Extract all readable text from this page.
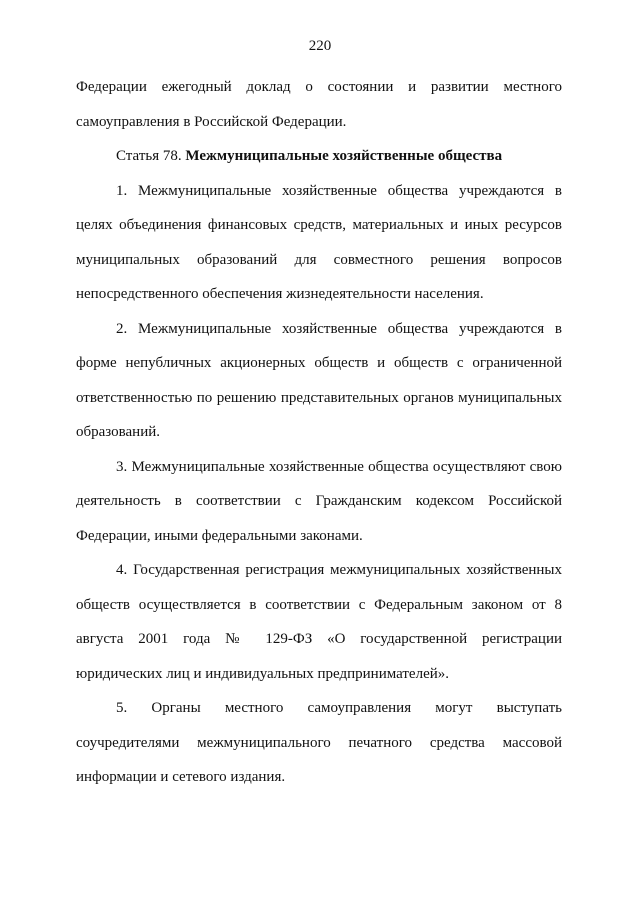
220

Федерации ежегодный доклад о состоянии и развитии местного самоуправления в Российской Федерации.

Статья 78. Межмуниципальные хозяйственные общества

1. Межмуниципальные хозяйственные общества учреждаются в целях объединения финансовых средств, материальных и иных ресурсов муниципальных образований для совместного решения вопросов непосредственного обеспечения жизнедеятельности населения.

2. Межмуниципальные хозяйственные общества учреждаются в форме непубличных акционерных обществ и обществ с ограниченной ответственностью по решению представительных органов муниципальных образований.

3. Межмуниципальные хозяйственные общества осуществляют свою деятельность в соответствии с Гражданским кодексом Российской Федерации, иными федеральными законами.

4. Государственная регистрация межмуниципальных хозяйственных обществ осуществляется в соответствии с Федеральным законом от 8 августа 2001 года № 129-ФЗ «О государственной регистрации юридических лиц и индивидуальных предпринимателей».

5. Органы местного самоуправления могут выступать соучредителями межмуниципального печатного средства массовой информации и сетевого издания.
